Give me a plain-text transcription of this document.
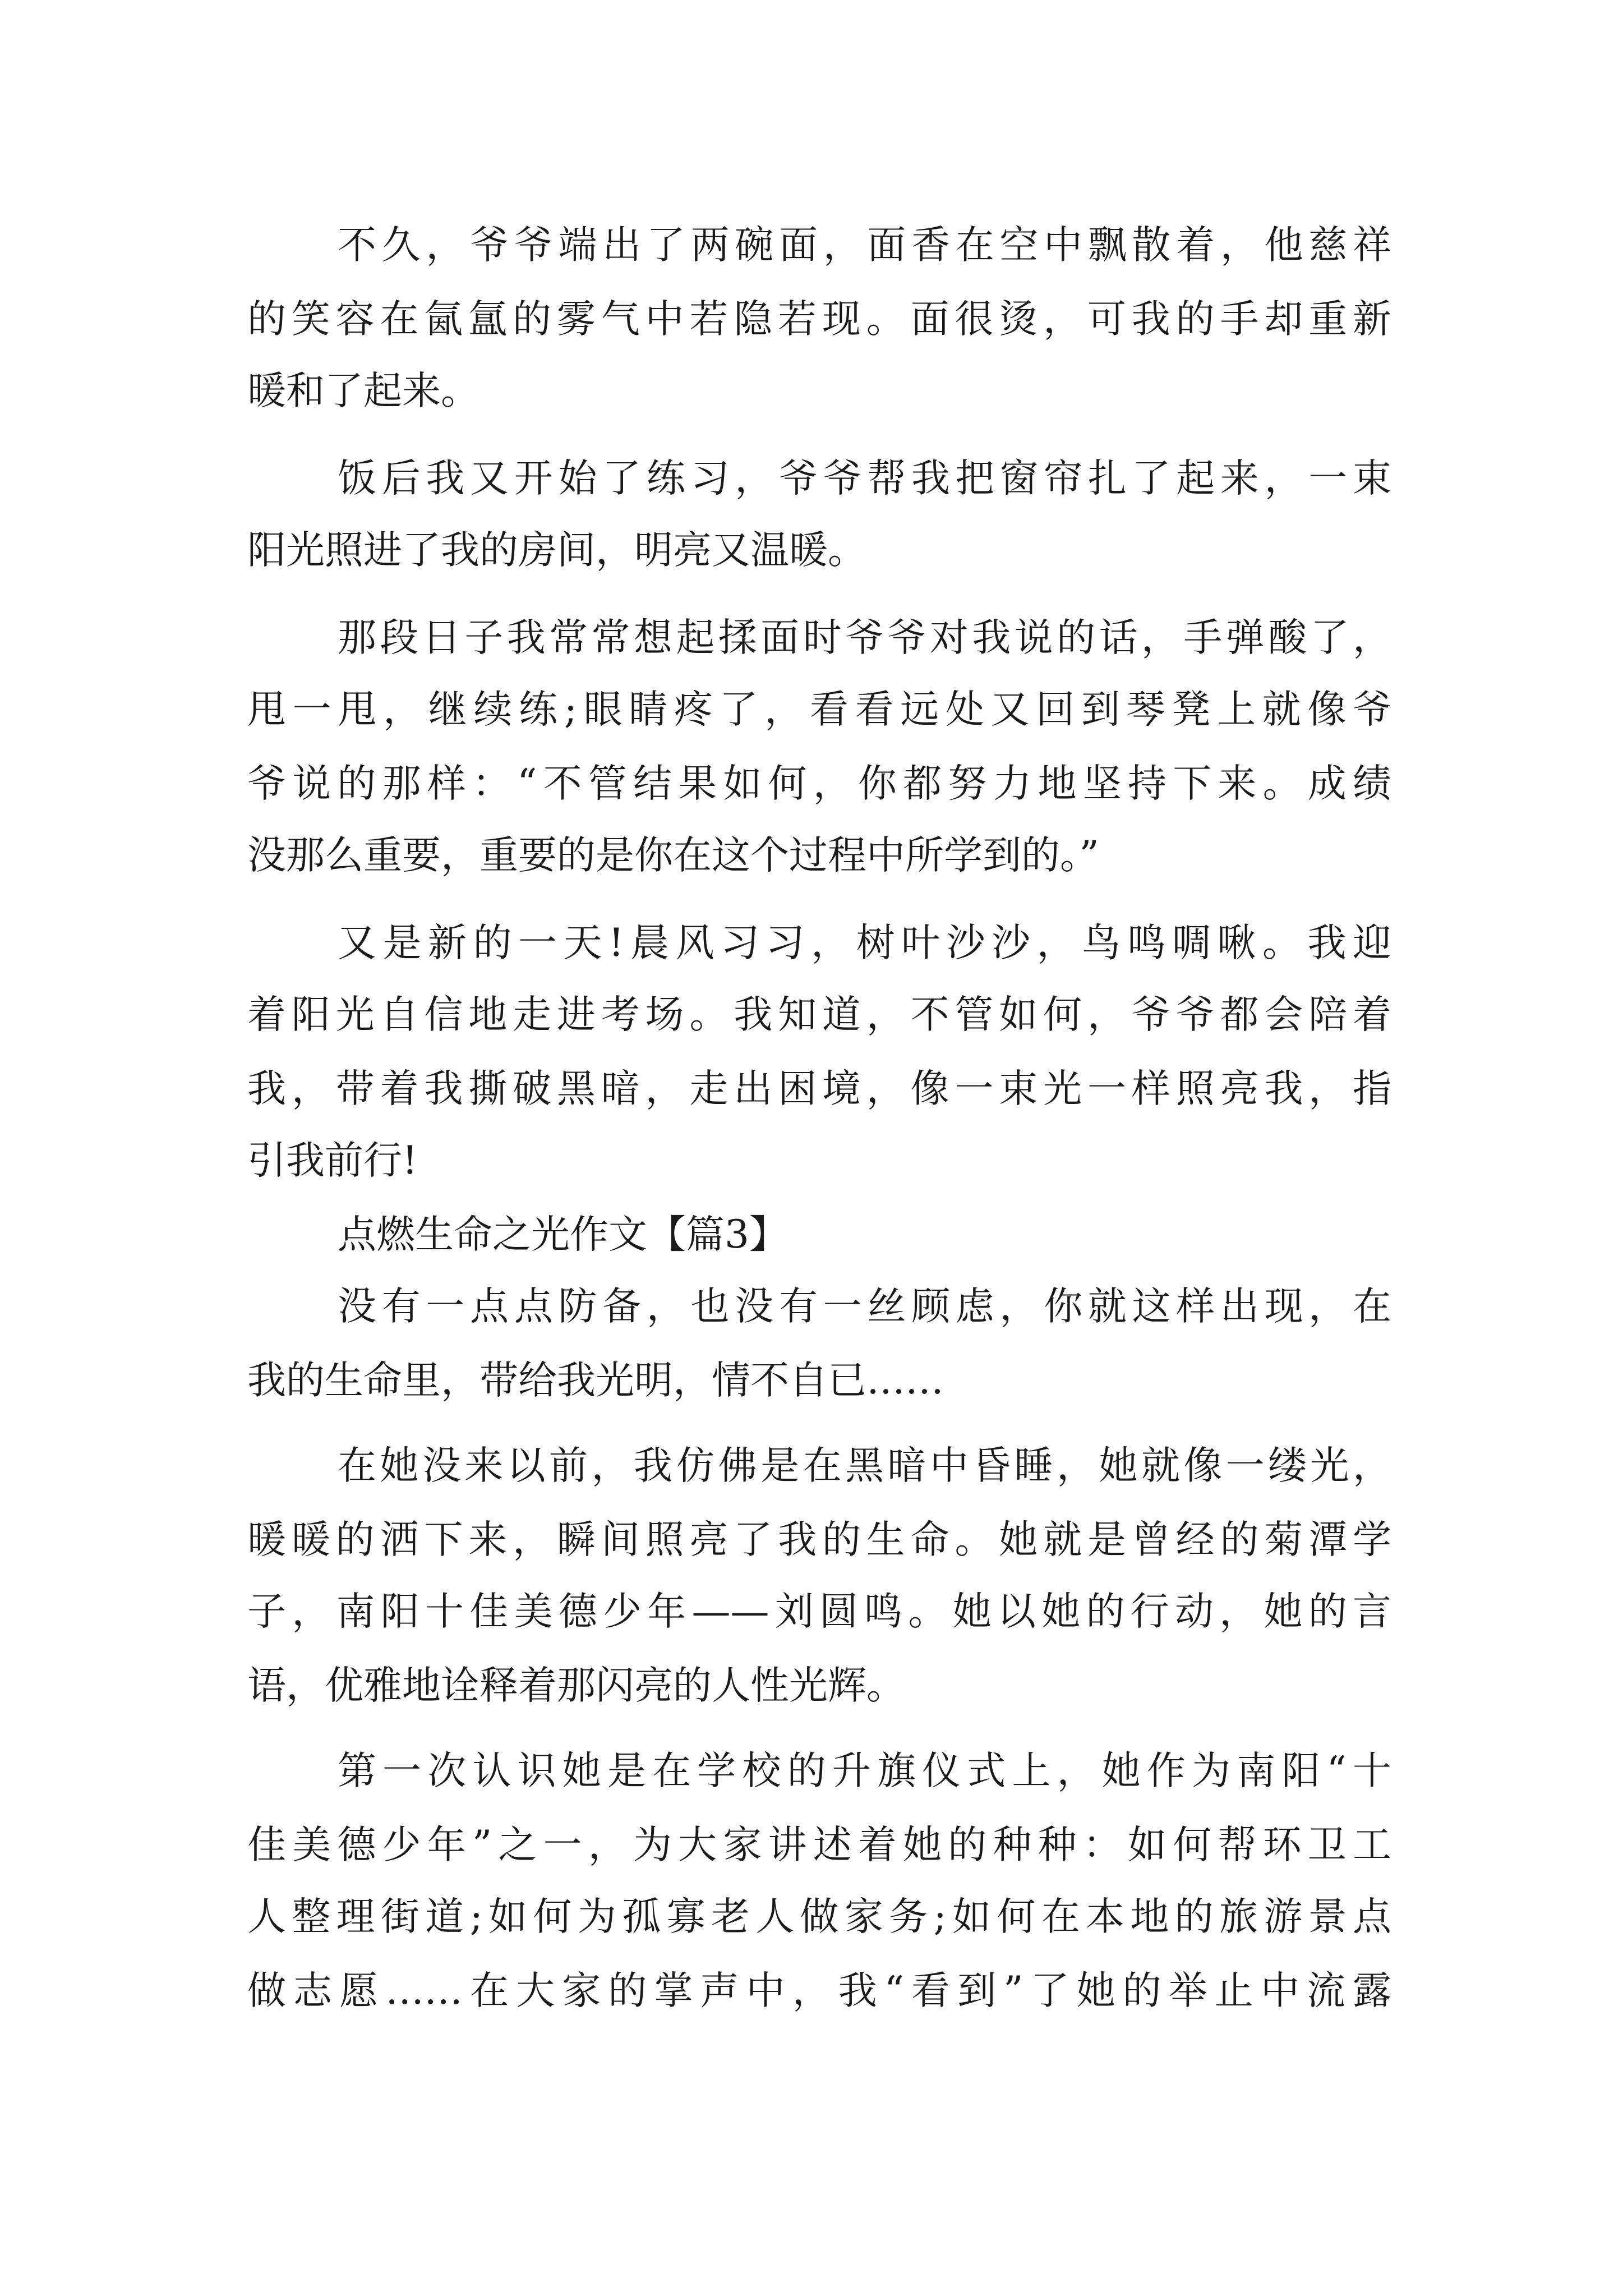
不久，爷爷端出了两碗面，面香在空中飘散着，他慈祥
的笑容在氤氲的雾气中若隐若现。面很烫，可我的手却重新
暖和了起来。
饭后我又开始了练习，爷爷帮我把窗帘扎了起来，一束
阳光照进了我的房间，明亮又温暖。
那段日子我常常想起揉面时爷爷对我说的话，手弹酸了，
甩一甩，继续练;眼睛疼了，看看远处又回到琴凳上就像爷
爷说的那样：“不管结果如何，你都努力地坚持下来。成绩
没那么重要，重要的是你在这个过程中所学到的。”
又是新的一天!晨风习习，树叶沙沙，鸟鸣啁啾。我迎
着阳光自信地走进考场。我知道，不管如何，爷爷都会陪着
我，带着我撕破黑暗，走出困境，像一束光一样照亮我，指
引我前行!
点燃生命之光作文【篇3】
没有一点点防备，也没有一丝顾虑，你就这样出现，在
我的生命里，带给我光明，情不自已……
在她没来以前，我仿佛是在黑暗中昏睡，她就像一缕光，
暖暖的洒下来，瞬间照亮了我的生命。她就是曾经的菊潭学
子，南阳十佳美德少年——刘圆鸣。她以她的行动，她的言
语，优雅地诠释着那闪亮的人性光辉。
第一次认识她是在学校的升旗仪式上，她作为南阳“十
佳美德少年”之一，为大家讲述着她的种种：如何帮环卫工
人整理街道;如何为孤寡老人做家务;如何在本地的旅游景点
做志愿……在大家的掌声中，我“看到”了她的举止中流露
